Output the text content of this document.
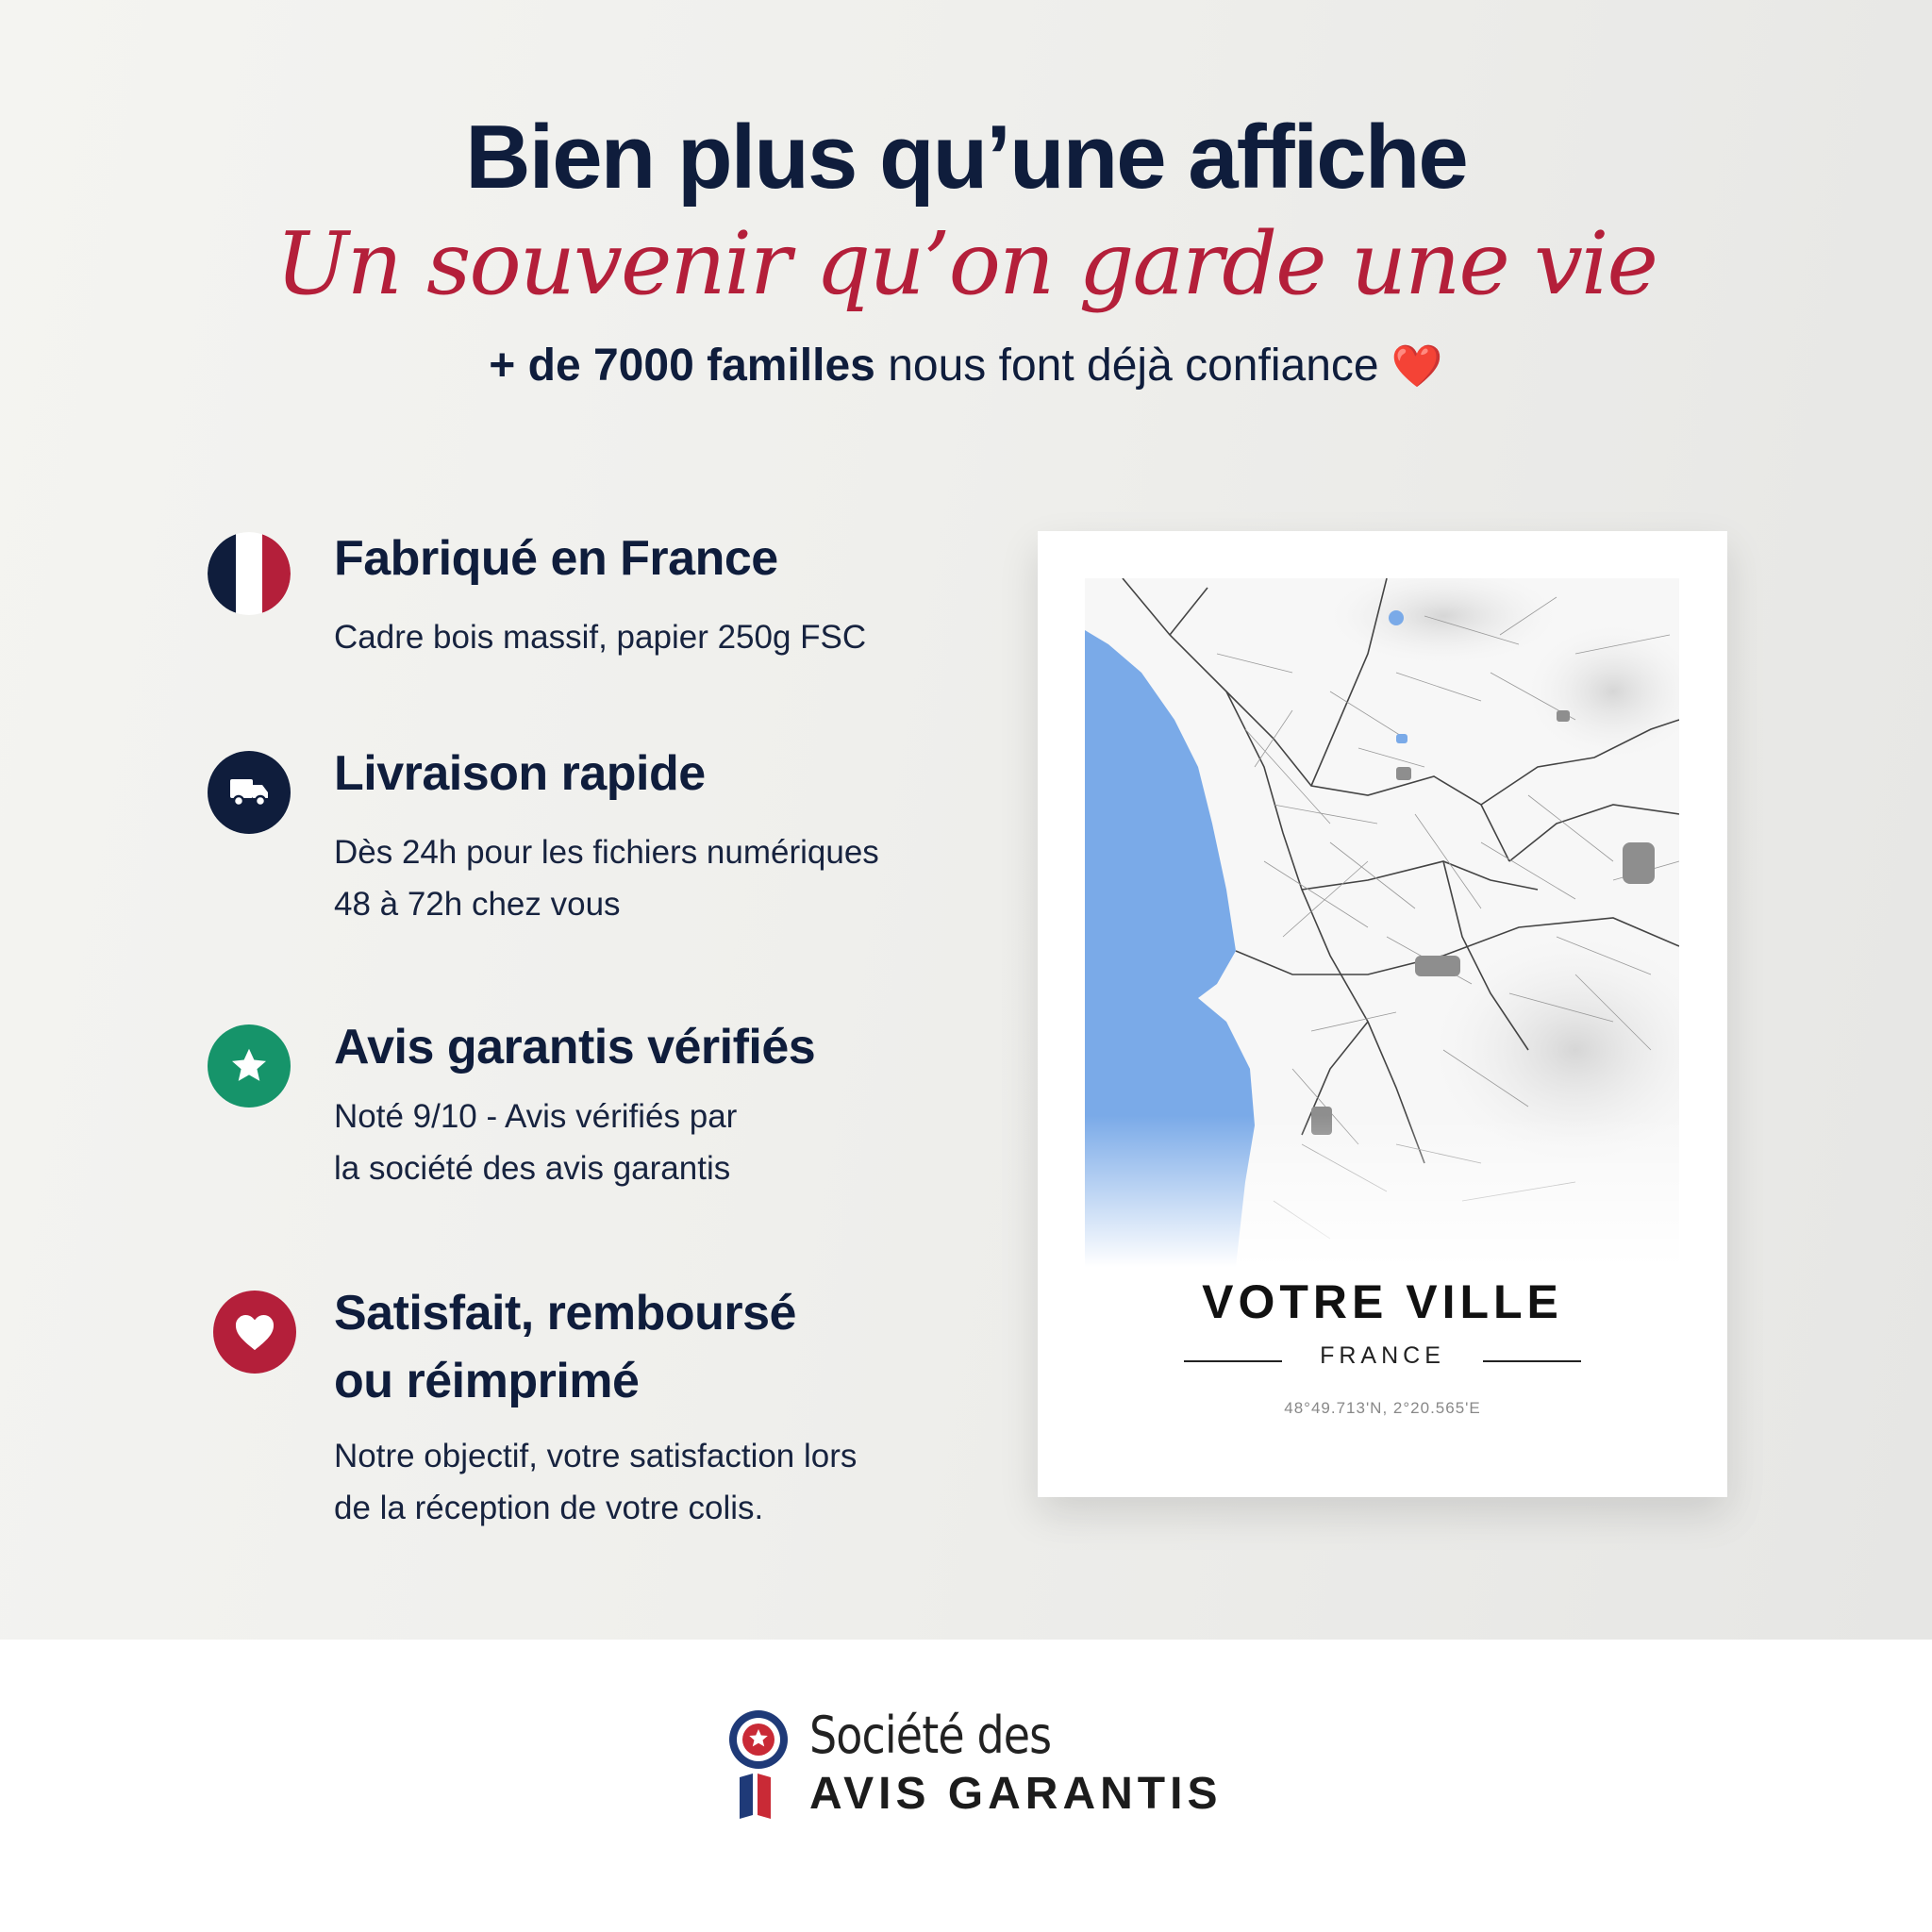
Bien plus qu’une affiche
Un souvenir qu’on garde une vie
+ de 7000 familles nous font déjà confiance ❤️
Fabriqué en France
Cadre bois massif, papier 250g FSC
Livraison rapide
Dès 24h pour les fichiers numériques
48 à 72h chez vous
Avis garantis vérifiés
Noté 9/10 - Avis vérifiés par
la société des avis garantis
Satisfait, remboursé
ou réimprimé
Notre objectif, votre satisfaction lors
de la réception de votre colis.
VOTRE VILLE
FRANCE
48°49.713'N, 2°20.565'E
Société des
AVIS GARANTIS
